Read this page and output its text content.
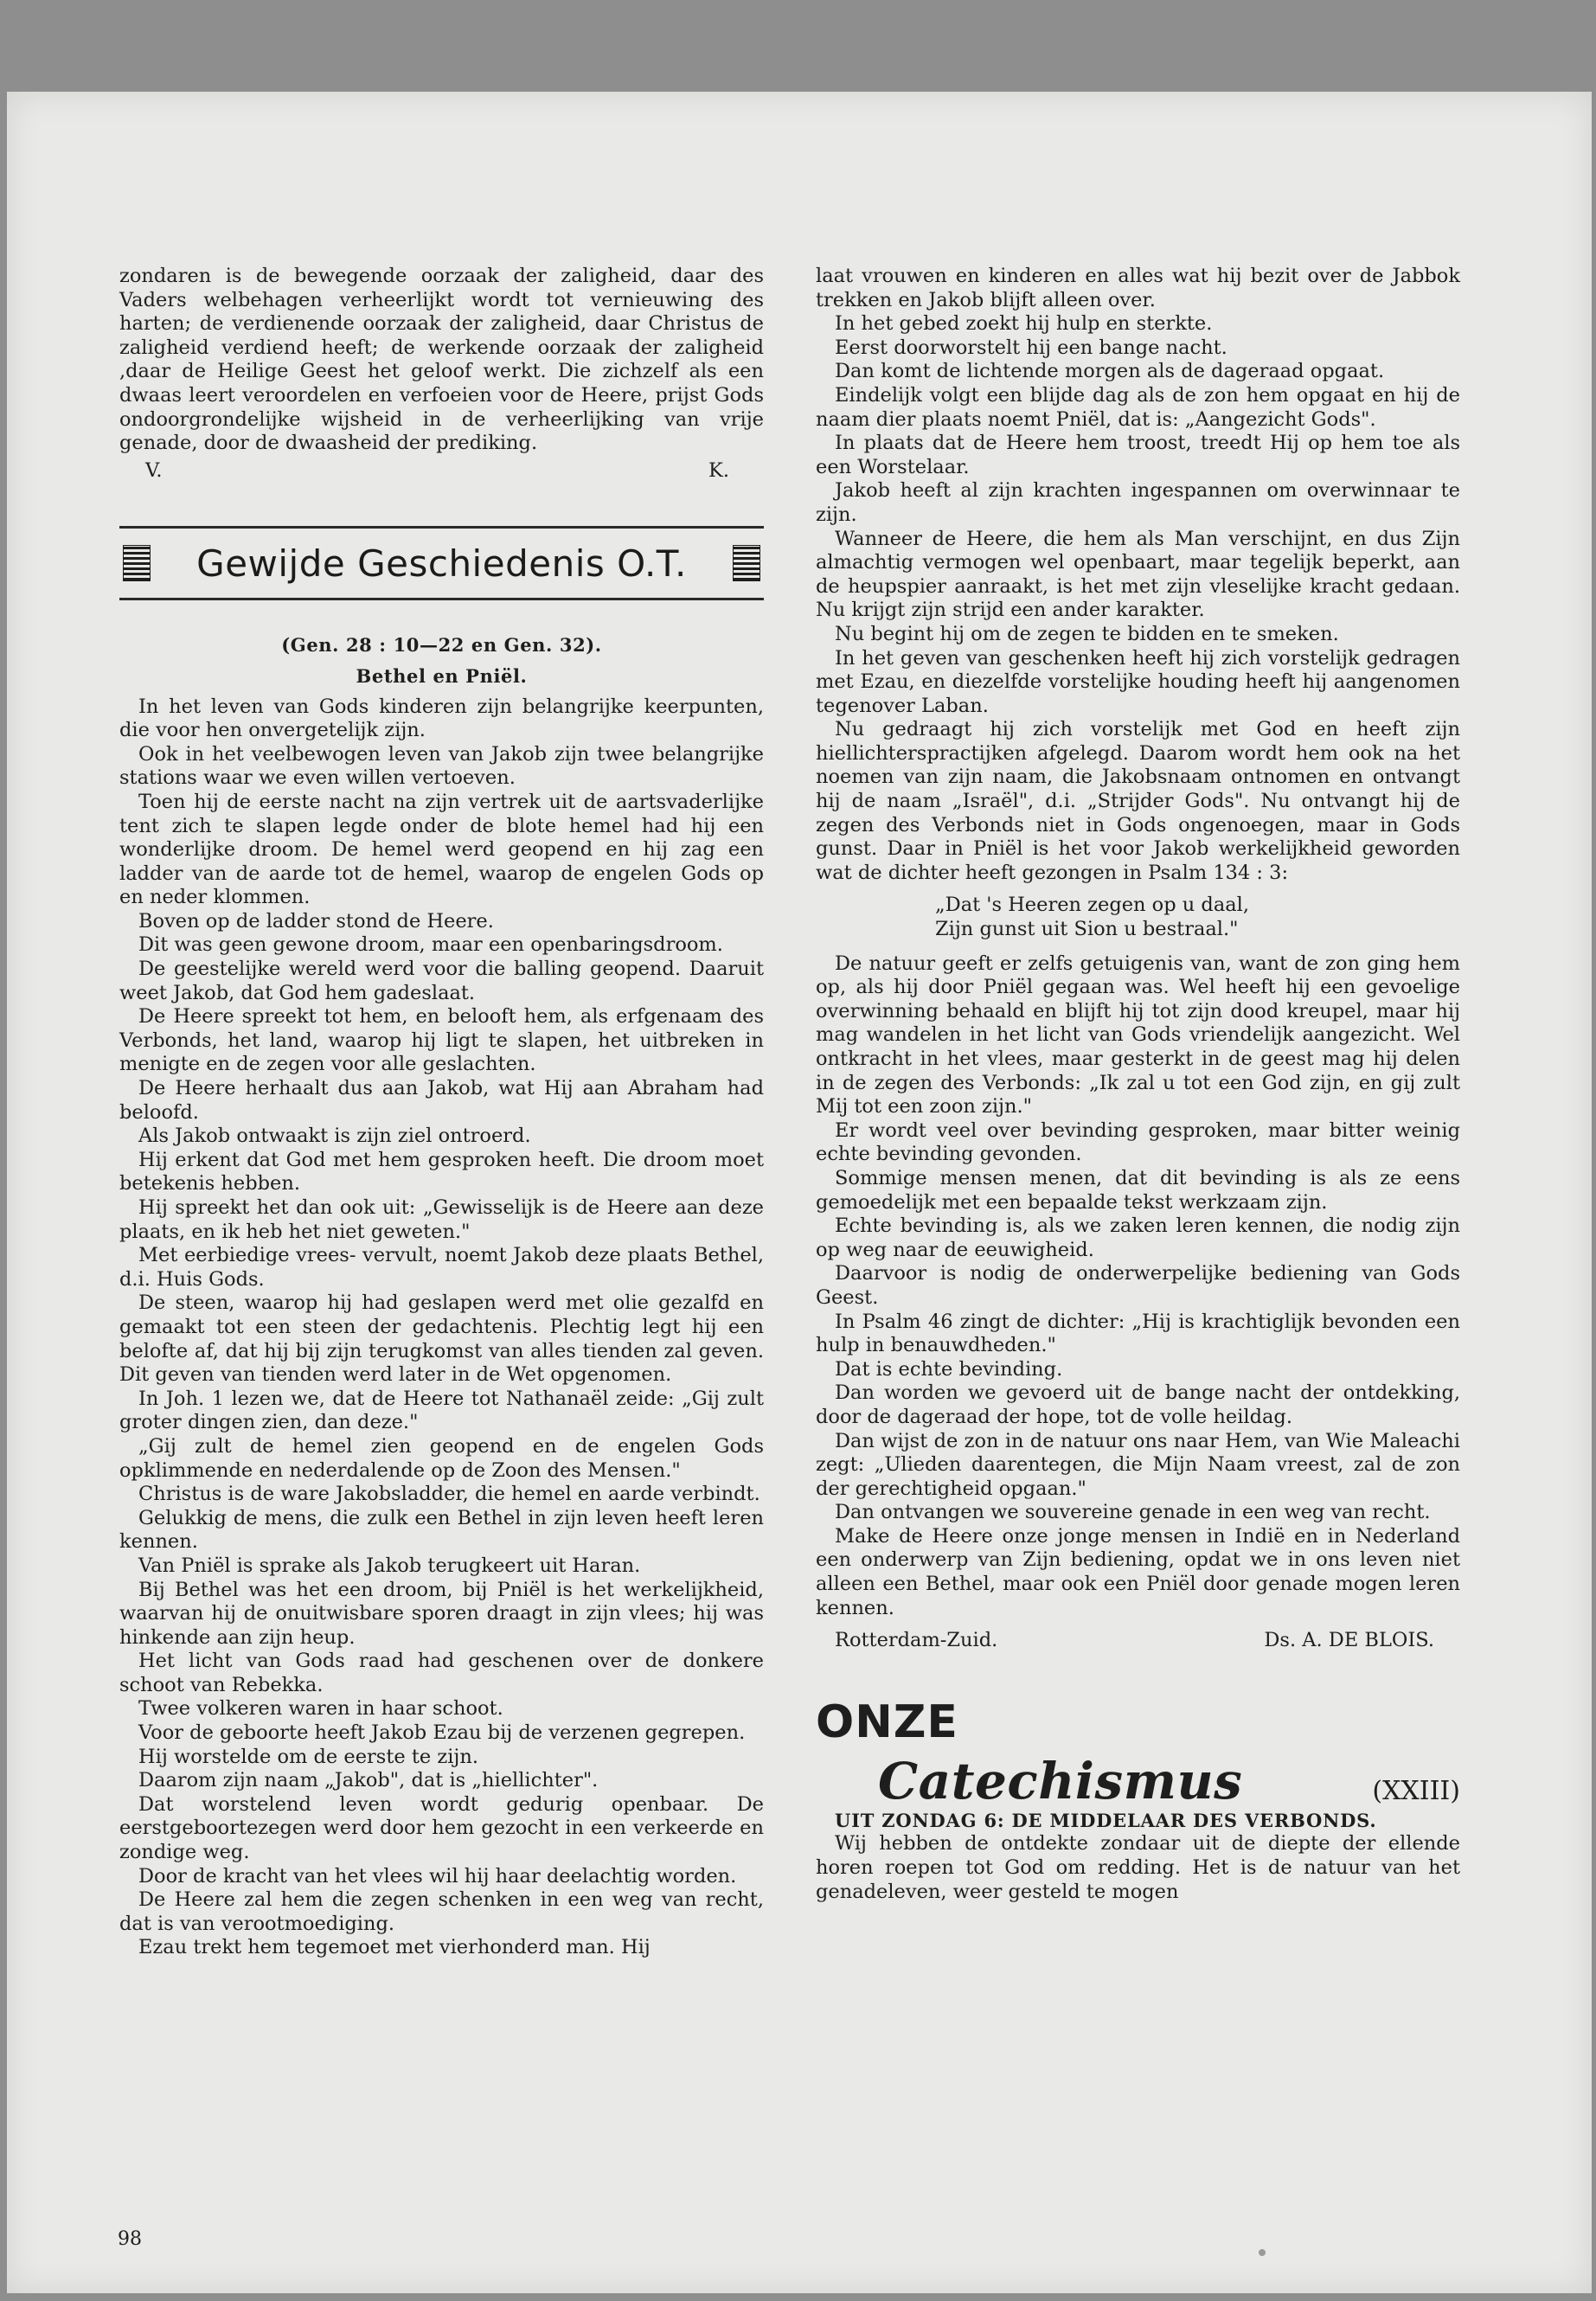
zondaren is de bewegende oorzaak der zaligheid, daar des Vaders welbehagen verheerlijkt wordt tot vernieuwing des harten; de verdienende oorzaak der zaligheid, daar Christus de zaligheid verdiend heeft; de werkende oorzaak der zaligheid ,daar de Heilige Geest het geloof werkt. Die zichzelf als een dwaas leert veroordelen en verfoeien voor de Heere, prijst Gods ondoorgrondelijke wijsheid in de verheerlijking van vrije genade, door de dwaasheid der prediking.

V.	K.
Gewijde Geschiedenis O.T.
(Gen. 28 : 10—22 en Gen. 32).
Bethel en Pniël.

In het leven van Gods kinderen zijn belangrijke keerpunten, die voor hen onvergetelijk zijn.

Ook in het veelbewogen leven van Jakob zijn twee belangrijke stations waar we even willen vertoeven.

Toen hij de eerste nacht na zijn vertrek uit de aartsvaderlijke tent zich te slapen legde onder de blote hemel had hij een wonderlijke droom. De hemel werd geopend en hij zag een ladder van de aarde tot de hemel, waarop de engelen Gods op en neder klommen.

Boven op de ladder stond de Heere.

Dit was geen gewone droom, maar een openbaringsdroom.

De geestelijke wereld werd voor die balling geopend. Daaruit weet Jakob, dat God hem gadeslaat.

De Heere spreekt tot hem, en belooft hem, als erfgenaam des Verbonds, het land, waarop hij ligt te slapen, het uitbreken in menigte en de zegen voor alle geslachten.

De Heere herhaalt dus aan Jakob, wat Hij aan Abraham had beloofd.

Als Jakob ontwaakt is zijn ziel ontroerd.

Hij erkent dat God met hem gesproken heeft. Die droom moet betekenis hebben.

Hij spreekt het dan ook uit: „Gewisselijk is de Heere aan deze plaats, en ik heb het niet geweten."

Met eerbiedige vrees- vervult, noemt Jakob deze plaats Bethel, d.i. Huis Gods.

De steen, waarop hij had geslapen werd met olie gezalfd en gemaakt tot een steen der gedachtenis. Plechtig legt hij een belofte af, dat hij bij zijn terugkomst van alles tienden zal geven. Dit geven van tienden werd later in de Wet opgenomen.

In Joh. 1 lezen we, dat de Heere tot Nathanaël zeide: „Gij zult groter dingen zien, dan deze."

„Gij zult de hemel zien geopend en de engelen Gods opklimmende en nederdalende op de Zoon des Mensen."

Christus is de ware Jakobsladder, die hemel en aarde verbindt.

Gelukkig de mens, die zulk een Bethel in zijn leven heeft leren kennen.

Van Pniël is sprake als Jakob terugkeert uit Haran.

Bij Bethel was het een droom, bij Pniël is het werkelijkheid, waarvan hij de onuitwisbare sporen draagt in zijn vlees; hij was hinkende aan zijn heup.

Het licht van Gods raad had geschenen over de donkere schoot van Rebekka.

Twee volkeren waren in haar schoot.

Voor de geboorte heeft Jakob Ezau bij de verzenen gegrepen.

Hij worstelde om de eerste te zijn.

Daarom zijn naam „Jakob", dat is „hiellichter".

Dat worstelend leven wordt gedurig openbaar. De eerstgeboortezegen werd door hem gezocht in een verkeerde en zondige weg.

Door de kracht van het vlees wil hij haar deelachtig worden.

De Heere zal hem die zegen schenken in een weg van recht, dat is van verootmoediging.

Ezau trekt hem tegemoet met vierhonderd man. Hij

laat vrouwen en kinderen en alles wat hij bezit over de Jabbok trekken en Jakob blijft alleen over.

In het gebed zoekt hij hulp en sterkte.

Eerst doorworstelt hij een bange nacht.

Dan komt de lichtende morgen als de dageraad opgaat.

Eindelijk volgt een blijde dag als de zon hem opgaat en hij de naam dier plaats noemt Pniël, dat is: „Aangezicht Gods".

In plaats dat de Heere hem troost, treedt Hij op hem toe als een Worstelaar.

Jakob heeft al zijn krachten ingespannen om overwinnaar te zijn.

Wanneer de Heere, die hem als Man verschijnt, en dus Zijn almachtig vermogen wel openbaart, maar tegelijk beperkt, aan de heupspier aanraakt, is het met zijn vleselijke kracht gedaan. Nu krijgt zijn strijd een ander karakter.

Nu begint hij om de zegen te bidden en te smeken.

In het geven van geschenken heeft hij zich vorstelijk gedragen met Ezau, en diezelfde vorstelijke houding heeft hij aangenomen tegenover Laban.

Nu gedraagt hij zich vorstelijk met God en heeft zijn hiellichterspractijken afgelegd. Daarom wordt hem ook na het noemen van zijn naam, die Jakobsnaam ontnomen en ontvangt hij de naam „Israël", d.i. „Strijder Gods". Nu ontvangt hij de zegen des Verbonds niet in Gods ongenoegen, maar in Gods gunst. Daar in Pniël is het voor Jakob werkelijkheid geworden wat de dichter heeft gezongen in Psalm 134 : 3:

„Dat 's Heeren zegen op u daal,
Zijn gunst uit Sion u bestraal."

De natuur geeft er zelfs getuigenis van, want de zon ging hem op, als hij door Pniël gegaan was. Wel heeft hij een gevoelige overwinning behaald en blijft hij tot zijn dood kreupel, maar hij mag wandelen in het licht van Gods vriendelijk aangezicht. Wel ontkracht in het vlees, maar gesterkt in de geest mag hij delen in de zegen des Verbonds: „Ik zal u tot een God zijn, en gij zult Mij tot een zoon zijn."

Er wordt veel over bevinding gesproken, maar bitter weinig echte bevinding gevonden.

Sommige mensen menen, dat dit bevinding is als ze eens gemoedelijk met een bepaalde tekst werkzaam zijn.

Echte bevinding is, als we zaken leren kennen, die nodig zijn op weg naar de eeuwigheid.

Daarvoor is nodig de onderwerpelijke bediening van Gods Geest.

In Psalm 46 zingt de dichter: „Hij is krachtiglijk bevonden een hulp in benauwdheden."

Dat is echte bevinding.

Dan worden we gevoerd uit de bange nacht der ontdekking, door de dageraad der hope, tot de volle heildag.

Dan wijst de zon in de natuur ons naar Hem, van Wie Maleachi zegt: „Ulieden daarentegen, die Mijn Naam vreest, zal de zon der gerechtigheid opgaan."

Dan ontvangen we souvereine genade in een weg van recht.

Make de Heere onze jonge mensen in Indië en in Nederland een onderwerp van Zijn bediening, opdat we in ons leven niet alleen een Bethel, maar ook een Pniël door genade mogen leren kennen.

Rotterdam-Zuid.	Ds. A. DE BLOIS.
ONZE
Catechismus	(XXIII)

UIT ZONDAG 6: DE MIDDELAAR DES VERBONDS.

Wij hebben de ontdekte zondaar uit de diepte der ellende horen roepen tot God om redding. Het is de natuur van het genadeleven, weer gesteld te mogen

98
